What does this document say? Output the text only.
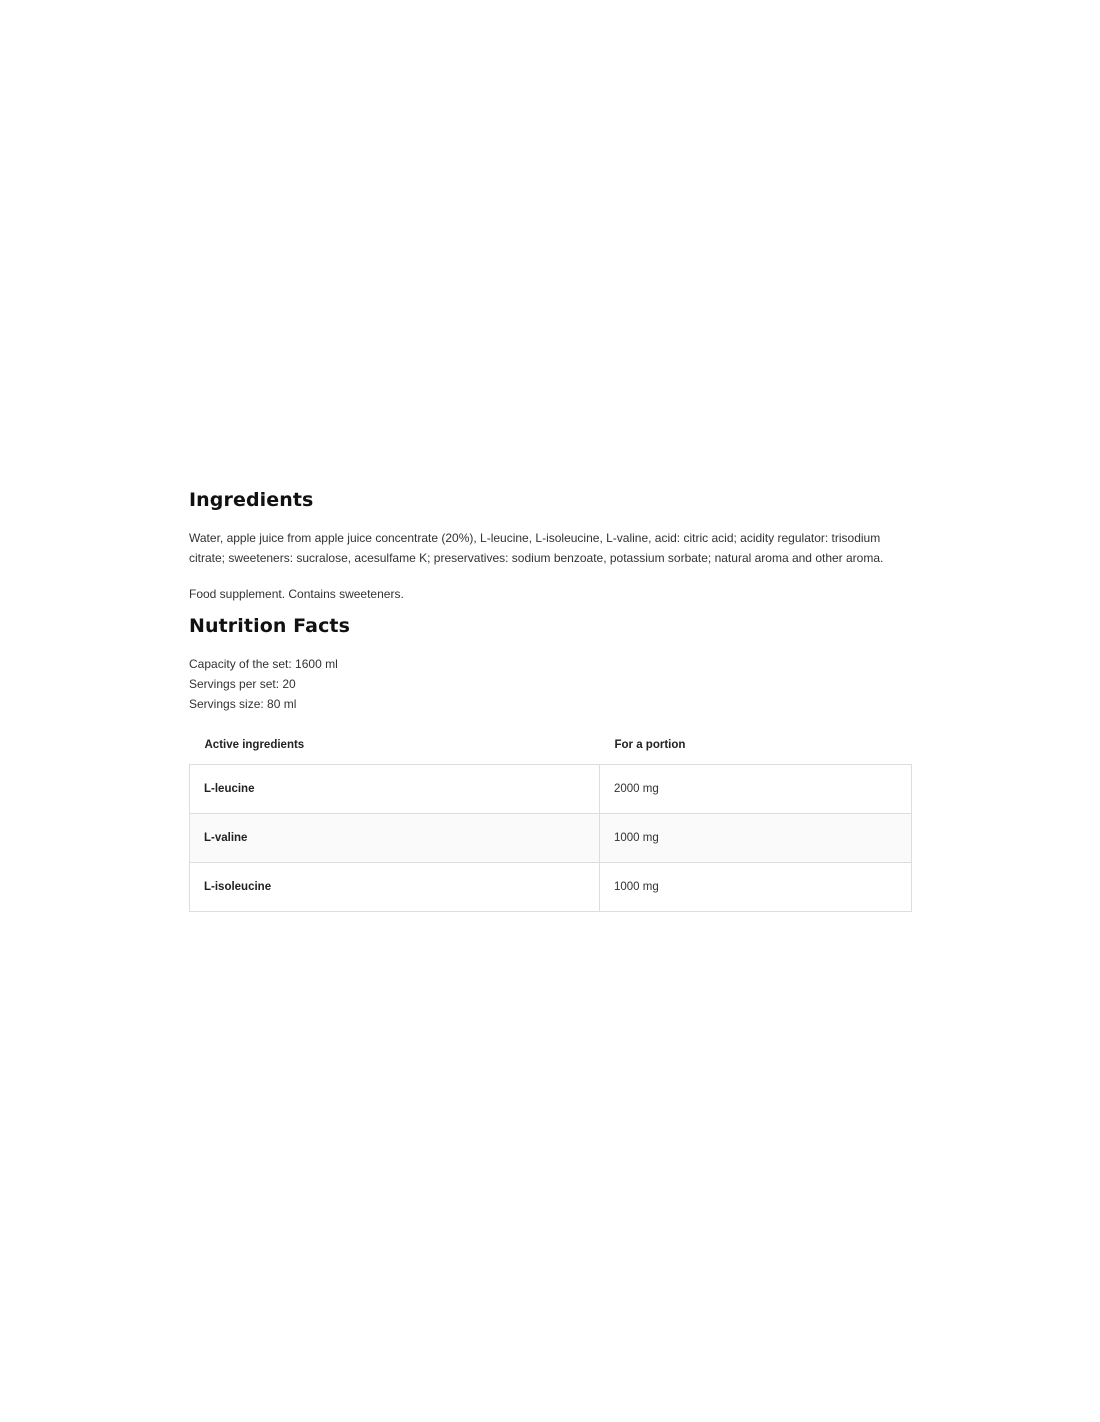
Ingredients

Water, apple juice from apple juice concentrate (20%), L-leucine, L-isoleucine, L-valine, acid: citric acid; acidity regulator: trisodium citrate; sweeteners: sucralose, acesulfame K; preservatives: sodium benzoate, potassium sorbate; natural aroma and other aroma.

Food supplement. Contains sweeteners.

Nutrition Facts
Capacity of the set: 1600 ml
Servings per set: 20
Servings size: 80 ml
Active ingredients	For a portion
L-leucine	2000 mg
L-valine	1000 mg
L-isoleucine	1000 mg
